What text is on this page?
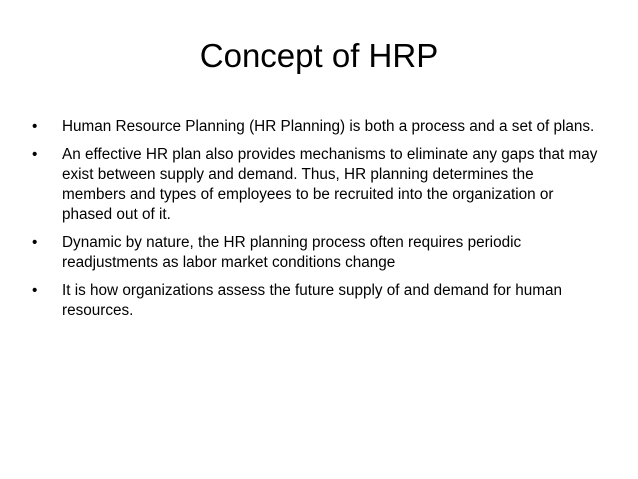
Concept of HRP
•	Human Resource Planning (HR Planning) is both a process and a set of plans.
•	An effective HR plan also provides mechanisms to eliminate any gaps that may exist between supply and demand. Thus, HR planning determines the members and types of employees to be recruited into the organization or phased out of it.
•	Dynamic by nature, the HR planning process often requires periodic readjustments as labor market conditions change
•	It is how organizations assess the future supply of and demand for human resources.
